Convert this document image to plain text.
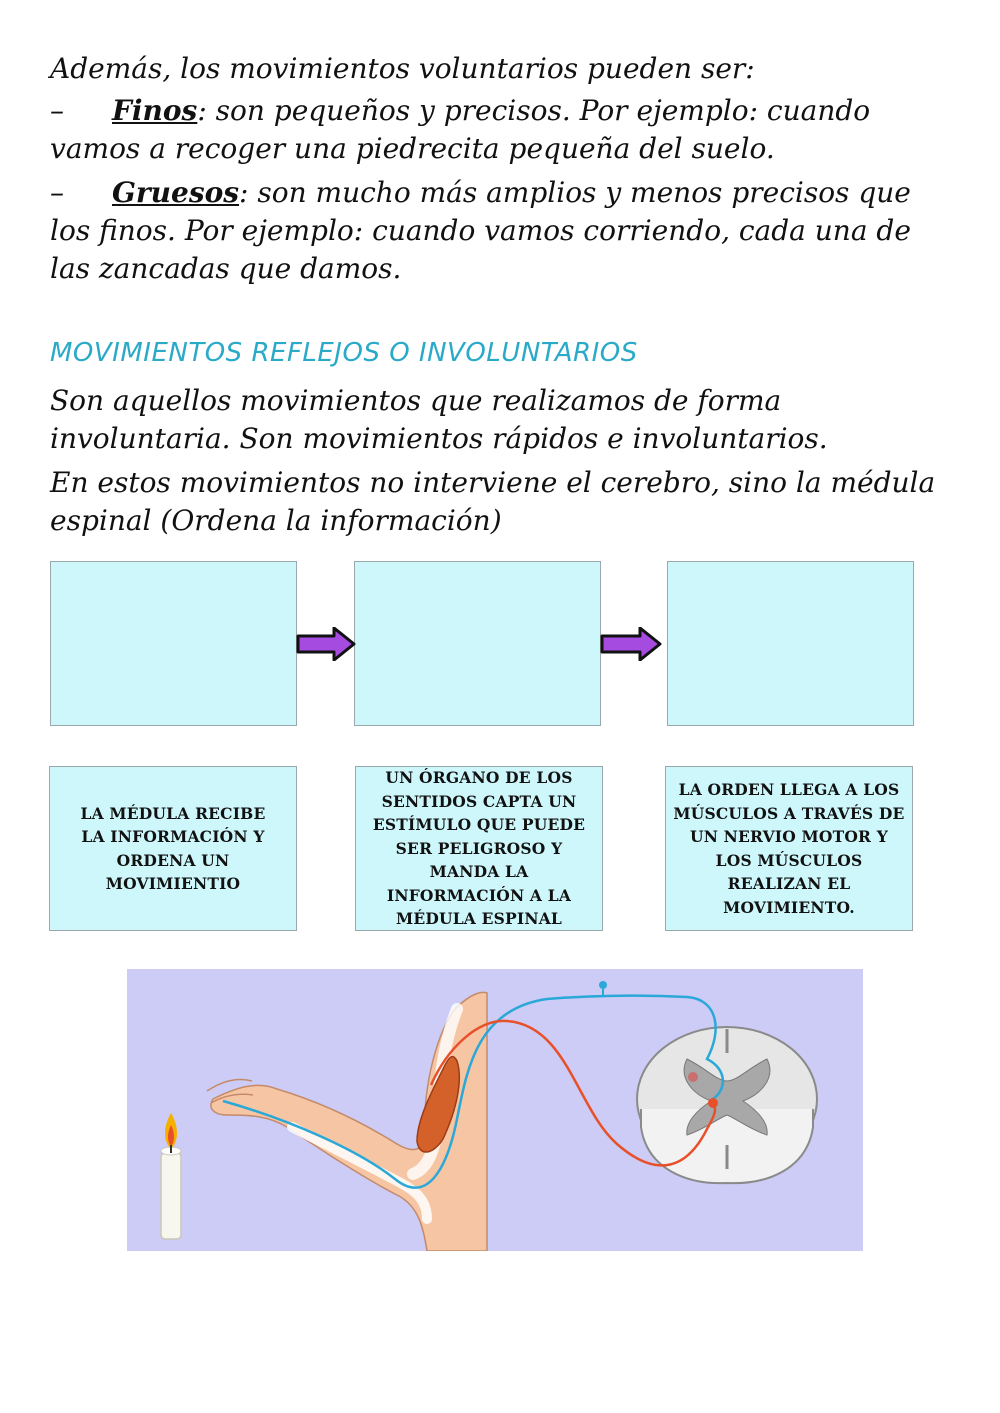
Además, los movimientos voluntarios pueden ser:

–	Finos: son pequeños y precisos. Por ejemplo: cuando

vamos a recoger una piedrecita pequeña del suelo.

–	Gruesos: son mucho más amplios y menos precisos que

los finos. Por ejemplo: cuando vamos corriendo, cada una de las zancadas que damos.

MOVIMIENTOS REFLEJOS O INVOLUNTARIOS

Son aquellos movimientos que realizamos de forma involuntaria. Son movimientos rápidos e involuntarios.

En estos movimientos no interviene el cerebro, sino la médula espinal (Ordena la información)

LA MÉDULA RECIBE LA INFORMACIÓN Y ORDENA UN MOVIMIENTIO
UN ÓRGANO DE LOS SENTIDOS CAPTA UN ESTÍMULO QUE PUEDE SER PELIGROSO Y MANDA LA INFORMACIÓN A LA MÉDULA ESPINAL
LA ORDEN LLEGA A LOS MÚSCULOS A TRAVÉS DE UN NERVIO MOTOR Y LOS MÚSCULOS REALIZAN EL MOVIMIENTO.
